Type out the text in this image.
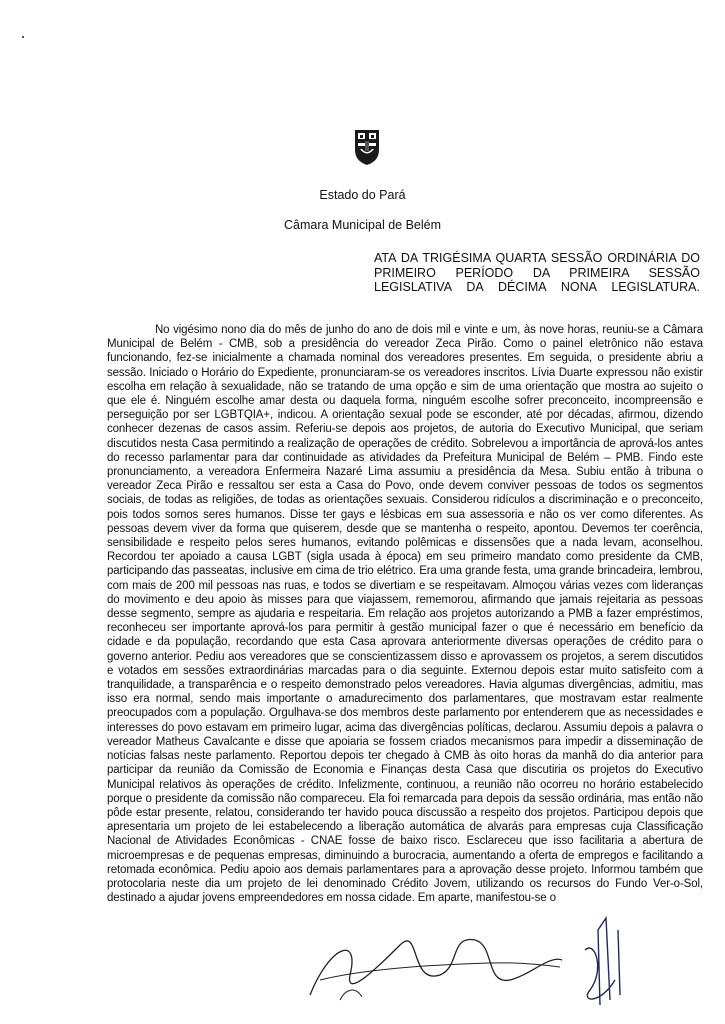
Estado do Pará
Câmara Municipal de Belém
ATA DA TRIGÉSIMA QUARTA SESSÃO ORDINÁRIA DO PRIMEIRO PERÍODO DA PRIMEIRA SESSÃO LEGISLATIVA DA DÉCIMA NONA LEGISLATURA.

No vigésimo nono dia do mês de junho do ano de dois mil e vinte e um, às nove horas, reuniu-se a Câmara Municipal de Belém - CMB, sob a presidência do vereador Zeca Pirão. Como o painel eletrônico não estava funcionando, fez-se inicialmente a chamada nominal dos vereadores presentes. Em seguida, o presidente abriu a sessão. Iniciado o Horário do Expediente, pronunciaram-se os vereadores inscritos. Lívia Duarte expressou não existir escolha em relação à sexualidade, não se tratando de uma opção e sim de uma orientação que mostra ao sujeito o que ele é. Ninguém escolhe amar desta ou daquela forma, ninguém escolhe sofrer preconceito, incompreensão e perseguição por ser LGBTQIA+, indicou. A orientação sexual pode se esconder, até por décadas, afirmou, dizendo conhecer dezenas de casos assim. Referiu-se depois aos projetos, de autoria do Executivo Municipal, que seriam discutidos nesta Casa permitindo a realização de operações de crédito. Sobrelevou a importância de aprová-los antes do recesso parlamentar para dar continuidade as atividades da Prefeitura Municipal de Belém – PMB. Findo este pronunciamento, a vereadora Enfermeira Nazaré Lima assumiu a presidência da Mesa. Subiu então à tribuna o vereador Zeca Pirão e ressaltou ser esta a Casa do Povo, onde devem conviver pessoas de todos os segmentos sociais, de todas as religiões, de todas as orientações sexuais. Considerou ridículos a discriminação e o preconceito, pois todos somos seres humanos. Disse ter gays e lésbicas em sua assessoria e não os ver como diferentes. As pessoas devem viver da forma que quiserem, desde que se mantenha o respeito, apontou. Devemos ter coerência, sensibilidade e respeito pelos seres humanos, evitando polêmicas e dissensões que a nada levam, aconselhou. Recordou ter apoiado a causa LGBT (sigla usada à época) em seu primeiro mandato como presidente da CMB, participando das passeatas, inclusive em cima de trio elétrico. Era uma grande festa, uma grande brincadeira, lembrou, com mais de 200 mil pessoas nas ruas, e todos se divertiam e se respeitavam. Almoçou várias vezes com lideranças do movimento e deu apoio às misses para que viajassem, rememorou, afirmando que jamais rejeitaria as pessoas desse segmento, sempre as ajudaria e respeitaria. Em relação aos projetos autorizando a PMB a fazer empréstimos, reconheceu ser importante aprová-los para permitir à gestão municipal fazer o que é necessário em benefício da cidade e da população, recordando que esta Casa aprovara anteriormente diversas operações de crédito para o governo anterior. Pediu aos vereadores que se conscientizassem disso e aprovassem os projetos, a serem discutidos e votados em sessões extraordinárias marcadas para o dia seguinte. Externou depois estar muito satisfeito com a tranquilidade, a transparência e o respeito demonstrado pelos vereadores. Havia algumas divergências, admitiu, mas isso era normal, sendo mais importante o amadurecimento dos parlamentares, que mostravam estar realmente preocupados com a população. Orgulhava-se dos membros deste parlamento por entenderem que as necessidades e interesses do povo estavam em primeiro lugar, acima das divergências políticas, declarou. Assumiu depois a palavra o vereador Matheus Cavalcante e disse que apoiaria se fossem criados mecanismos para impedir a disseminação de notícias falsas neste parlamento. Reportou depois ter chegado à CMB às oito horas da manhã do dia anterior para participar da reunião da Comissão de Economia e Finanças desta Casa que discutiria os projetos do Executivo Municipal relativos às operações de crédito. Infelizmente, continuou, a reunião não ocorreu no horário estabelecido porque o presidente da comissão não compareceu. Ela foi remarcada para depois da sessão ordinária, mas então não pôde estar presente, relatou, considerando ter havido pouca discussão a respeito dos projetos. Participou depois que apresentaria um projeto de lei estabelecendo a liberação automática de alvarás para empresas cuja Classificação Nacional de Atividades Econômicas - CNAE fosse de baixo risco. Esclareceu que isso facilitaria a abertura de microempresas e de pequenas empresas, diminuindo a burocracia, aumentando a oferta de empregos e facilitando a retomada econômica. Pediu apoio aos demais parlamentares para a aprovação desse projeto. Informou também que protocolaria neste dia um projeto de lei denominado Crédito Jovem, utilizando os recursos do Fundo Ver-o-Sol, destinado a ajudar jovens empreendedores em nossa cidade. Em aparte, manifestou-se o
